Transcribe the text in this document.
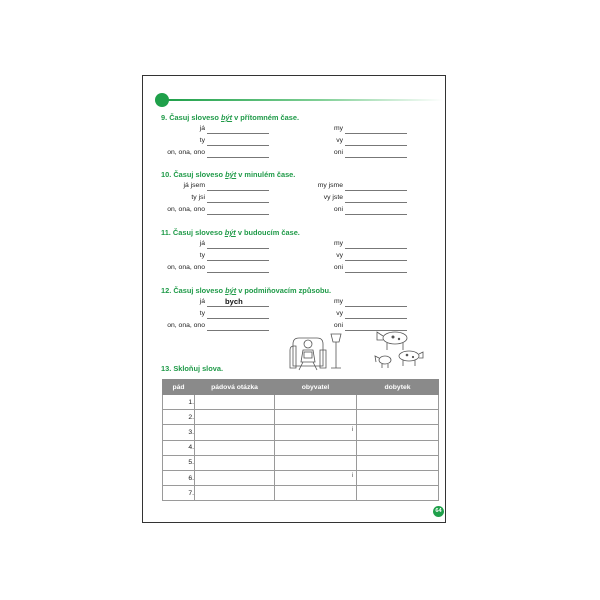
9. Časuj sloveso být v přítomném čase.
já	my
ty	vy
on, ona, ono	oni
10. Časuj sloveso být v minulém čase.
já jsem	my jsme
ty jsi	vy jste
on, ona, ono	oni
11. Časuj sloveso být v budoucím čase.
já	my
ty	vy
on, ona, ono	oni
12. Časuj sloveso být v podmiňovacím způsobu.
já	bych	my
ty	vy
on, ona, ono	oni
13. Skloňuj slova.
pád	pádová otázka	obyvatel	dobytek
1.		

2.		

3.		i	

4.		

5.		

6.		i	

7.		

64
